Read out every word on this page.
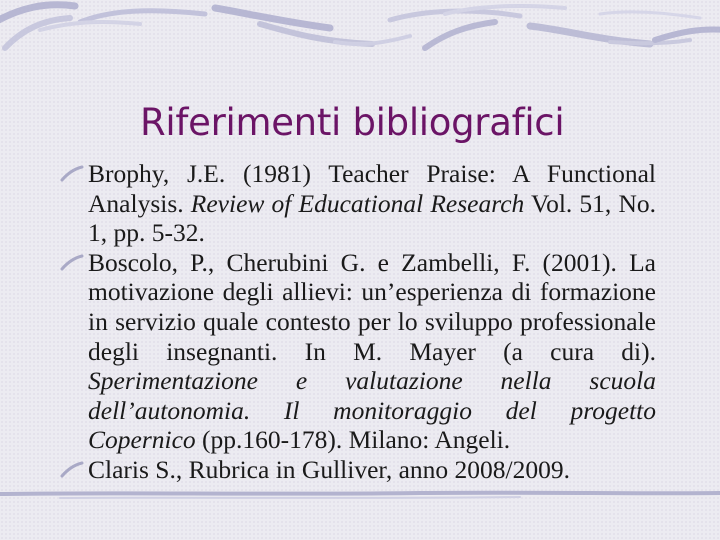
Riferimenti bibliografici
Brophy, J.E. (1981) Teacher Praise: A Functional Analysis. Review of Educational Research Vol. 51, No. 1, pp. 5-32.
Boscolo, P., Cherubini G. e Zambelli, F. (2001). La motivazione degli allievi: un’esperienza di formazione in servizio quale contesto per lo sviluppo professionale degli insegnanti. In M. Mayer (a cura di). Sperimentazione e valutazione nella scuola dell’autonomia. Il monitoraggio del progetto Copernico (pp.160-178). Milano: Angeli.
Claris S., Rubrica in Gulliver, anno 2008/2009.
